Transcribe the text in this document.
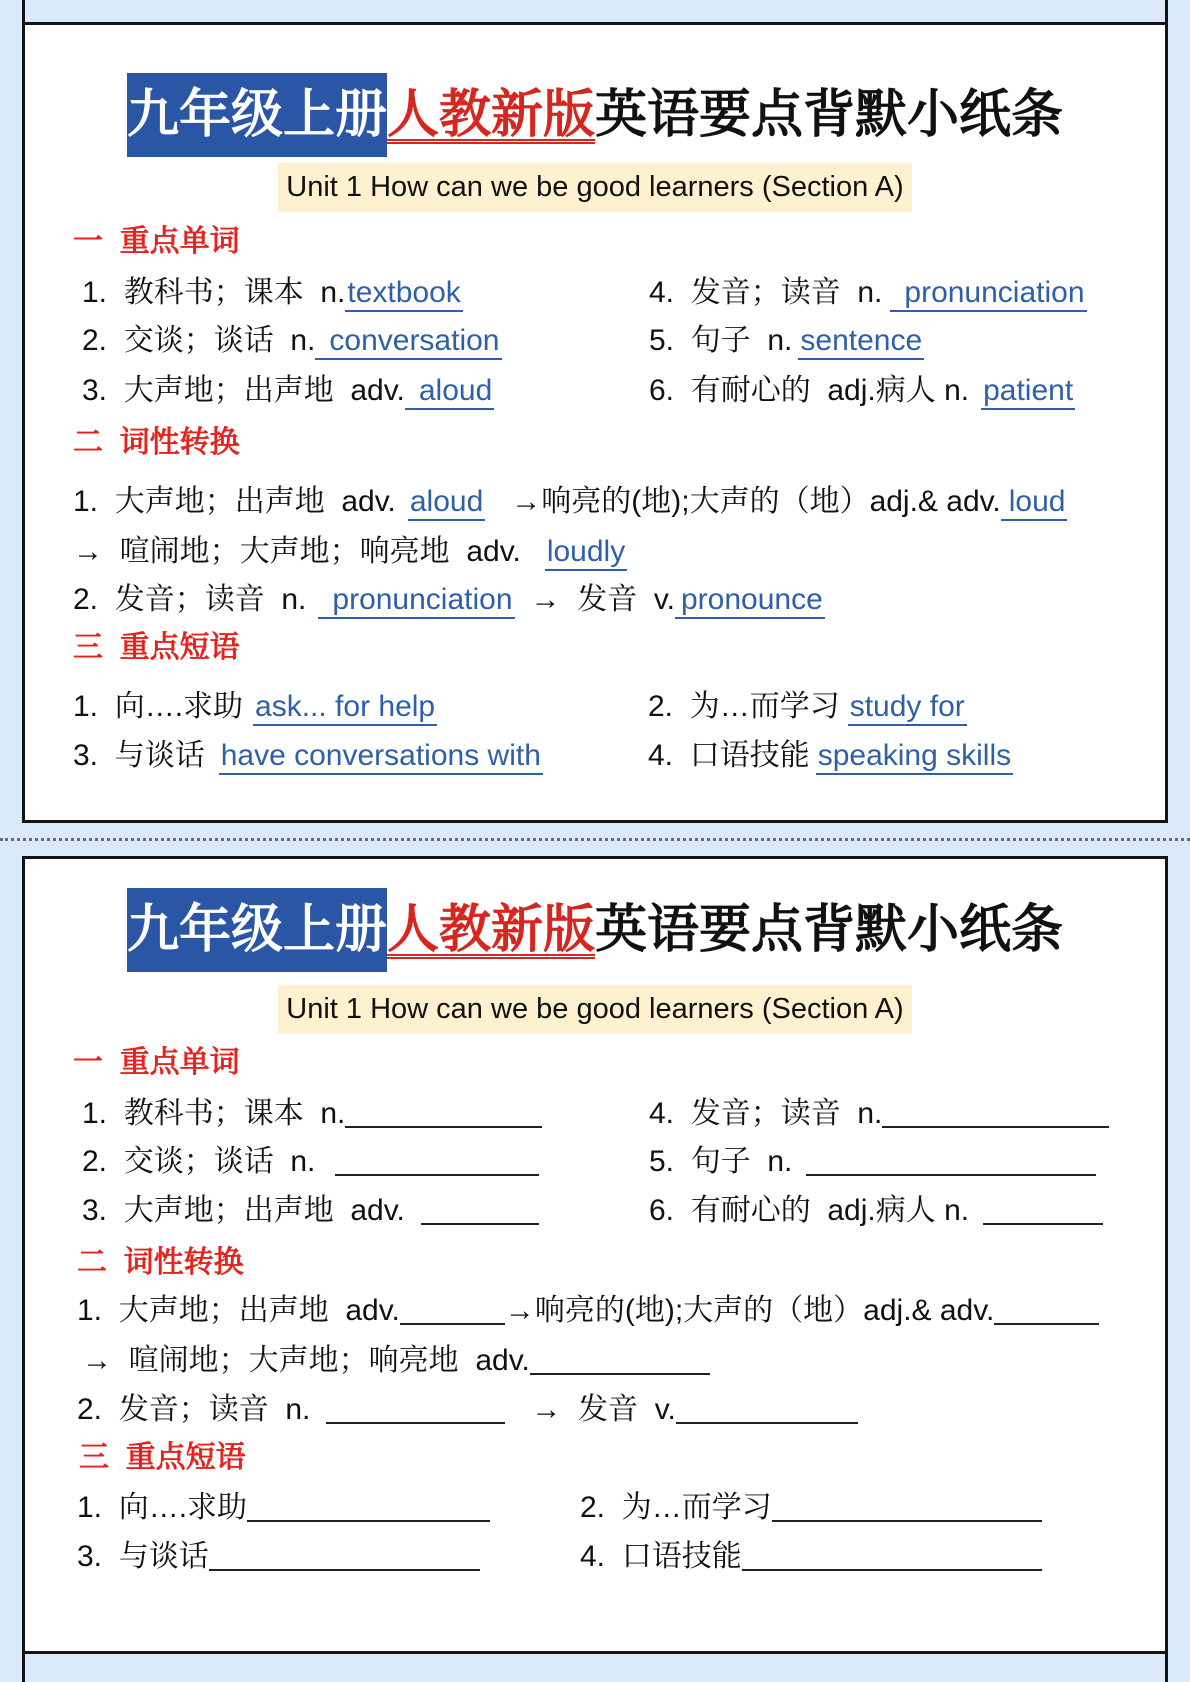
九年级上册人教新版英语要点背默小纸条
Unit 1 How can we be good learners (Section A)
一  重点单词
1.  教科书；课本  n.textbook
2.  交谈；谈话  n. conversation
3.  大声地；出声地  adv. aloud
4.  发音；读音  n. pronunciation
5.  句子  n. sentence
6.  有耐心的  adj.病人 n. patient
二  词性转换
1.  大声地；出声地  adv. aloud →响亮的(地);大声的（地）adj.& adv. loud
→  喧闹地；大声地；响亮地  adv. loudly
2.  发音；读音  n. pronunciation →  发音  v. pronounce
三  重点短语
1.  向….求助 ask... for help	2.  为…而学习 study for
3.  与谈话 have conversations with	4.  口语技能 speaking skills
九年级上册人教新版英语要点背默小纸条
Unit 1 How can we be good learners (Section A)
一  重点单词
1.  教科书；课本  n.
2.  交谈；谈话  n.
3.  大声地；出声地  adv.
4.  发音；读音  n.
5.  句子  n.
6.  有耐心的  adj.病人 n.
二  词性转换
1.  大声地；出声地  adv.	→响亮的(地);大声的（地）adj.& adv.
→  喧闹地；大声地；响亮地  adv.
2.  发音；读音  n.	→  发音  v.
三  重点短语
1.  向….求助	2.  为…而学习
3.  与谈话	4.  口语技能
